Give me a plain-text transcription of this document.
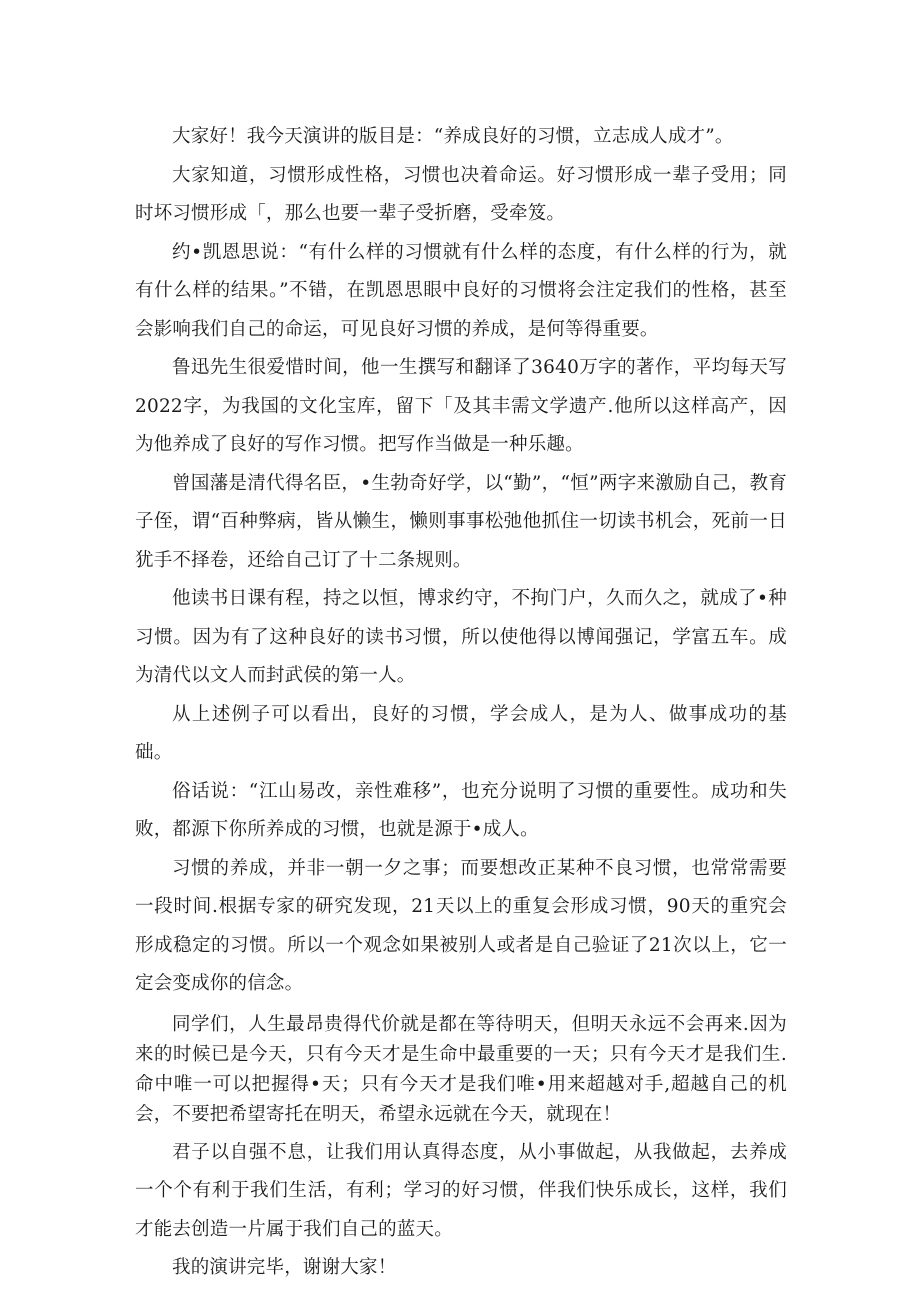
大家好！我今天演讲的版目是：“养成良好的习惯，立志成人成才”。

大家知道，习惯形成性格，习惯也决着命运。好习惯形成一辈子受用；同时坏习惯形成「，那么也要一辈子受折磨，受牵笈。

约•凯恩思说：“有什么样的习惯就有什么样的态度，有什么样的行为，就有什么样的结果。”不错，在凯恩思眼中良好的习惯将会注定我们的性格，甚至会影响我们自己的命运，可见良好习惯的养成，是何等得重要。

鲁迅先生很爱惜时间，他一生撰写和翻译了3640万字的著作，平均每天写2022字，为我国的文化宝库，留下「及其丰需文学遗产.他所以这样高产，因为他养成了良好的写作习惯。把写作当做是一种乐趣。

曾国藩是清代得名臣，•生勃奇好学，以“勤”，“恒”两字来激励自己，教育子侄，谓“百种弊病，皆从懒生，懒则事事松弛他抓住一切读书机会，死前一日犹手不择卷，还给自己订了十二条规则。

他读书日课有程，持之以恒，博求约守，不拘门户，久而久之，就成了•种习惯。因为有了这种良好的读书习惯，所以使他得以博闻强记，学富五车。成为清代以文人而封武侯的第一人。

从上述例子可以看出，良好的习惯，学会成人，是为人、做事成功的基础。

俗话说：“江山易改，亲性难移”，也充分说明了习惯的重要性。成功和失败，都源下你所养成的习惯，也就是源于•成人。

习惯的养成，并非一朝一夕之事；而要想改正某种不良习惯，也常常需要一段时间.根据专家的研究发现，21天以上的重复会形成习惯，90天的重究会形成稳定的习惯。所以一个观念如果被别人或者是自己验证了21次以上，它一定会变成你的信念。

同学们，人生最昂贵得代价就是都在等待明天，但明天永远不会再来.因为来的时候已是今天，只有今天才是生命中最重要的一天；只有今天才是我们生.命中唯一可以把握得•天；只有今天才是我们唯•用来超越对手,超越自己的机会，不要把希望寄托在明天，希望永远就在今天，就现在！

君子以自强不息，让我们用认真得态度，从小事做起，从我做起，去养成一个个有利于我们生活，有利；学习的好习惯，伴我们快乐成长，这样，我们才能去创造一片属于我们自己的蓝天。

我的演讲完毕，谢谢大家！
